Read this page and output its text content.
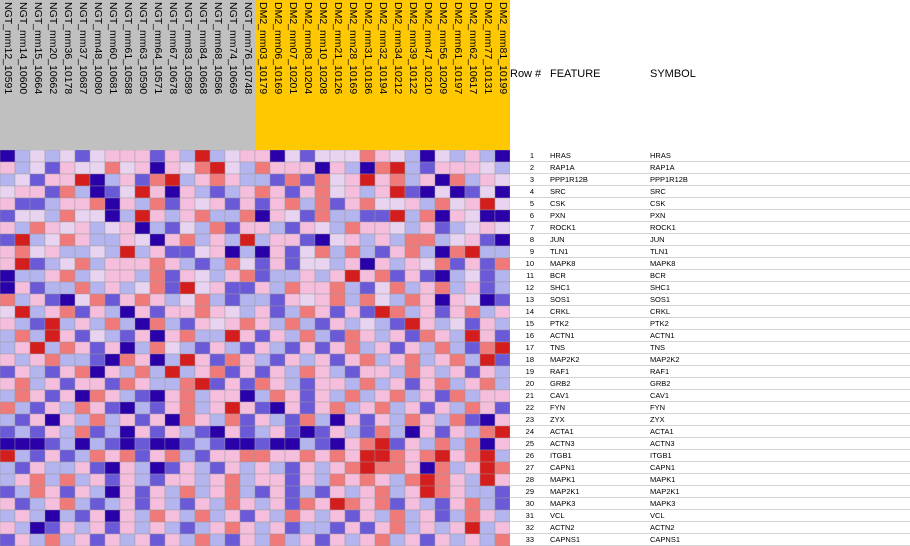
NGT_mm12_10591 NGT_mm14_10600 NGT_mm15_10664 NGT_mm20_10662 NGT_mm36_10178 NGT_mm37_10687 NGT_mm48_10080 NGT_mm60_10681 NGT_mm61_10588 NGT_mm63_10590 NGT_mm64_10571 NGT_mm67_10678 NGT_mm83_10589 NGT_mm84_10668 NGT_mm68_10586 NGT_mm74_10669 NGT_mm76_10748 DM2_mm03_10179 DM2_mm06_10169 DM2_mm07_10201 DM2_mm08_10204 DM2_mm10_10208 DM2_mm21_10126 DM2_mm28_10169 DM2_mm31_10186 DM2_mm32_10194 DM2_mm34_10212 DM2_mm39_10122 DM2_mm47_10210 DM2_mm56_10209 DM2_mm61_10197 DM2_mm62_10617 DM2_mm77_10131 DM2_mm81_10199 Row # FEATURE	SYMBOL
1 HRAS	HRAS
2 RAP1A	RAP1A
3 PPP1R12B	PPP1R12B
4 SRC	SRC
5 CSK	CSK
6 PXN	PXN
7 ROCK1	ROCK1
8 JUN	JUN
9 TLN1	TLN1
10 MAPK8	MAPK8
11 BCR	BCR
12 SHC1	SHC1
13 SOS1	SOS1
14 CRKL	CRKL
15 PTK2	PTK2
16 ACTN1	ACTN1
17 TNS	TNS
18 MAP2K2	MAP2K2
19 RAF1	RAF1
20 GRB2	GRB2
21 CAV1	CAV1
22 FYN	FYN
23 ZYX	ZYX
24 ACTA1	ACTA1
25 ACTN3	ACTN3
26 ITGB1	ITGB1
27 CAPN1	CAPN1
28 MAPK1	MAPK1
29 MAP2K1	MAP2K1
30 MAPK3	MAPK3
31 VCL	VCL
32 ACTN2	ACTN2
33 CAPNS1	CAPNS1
